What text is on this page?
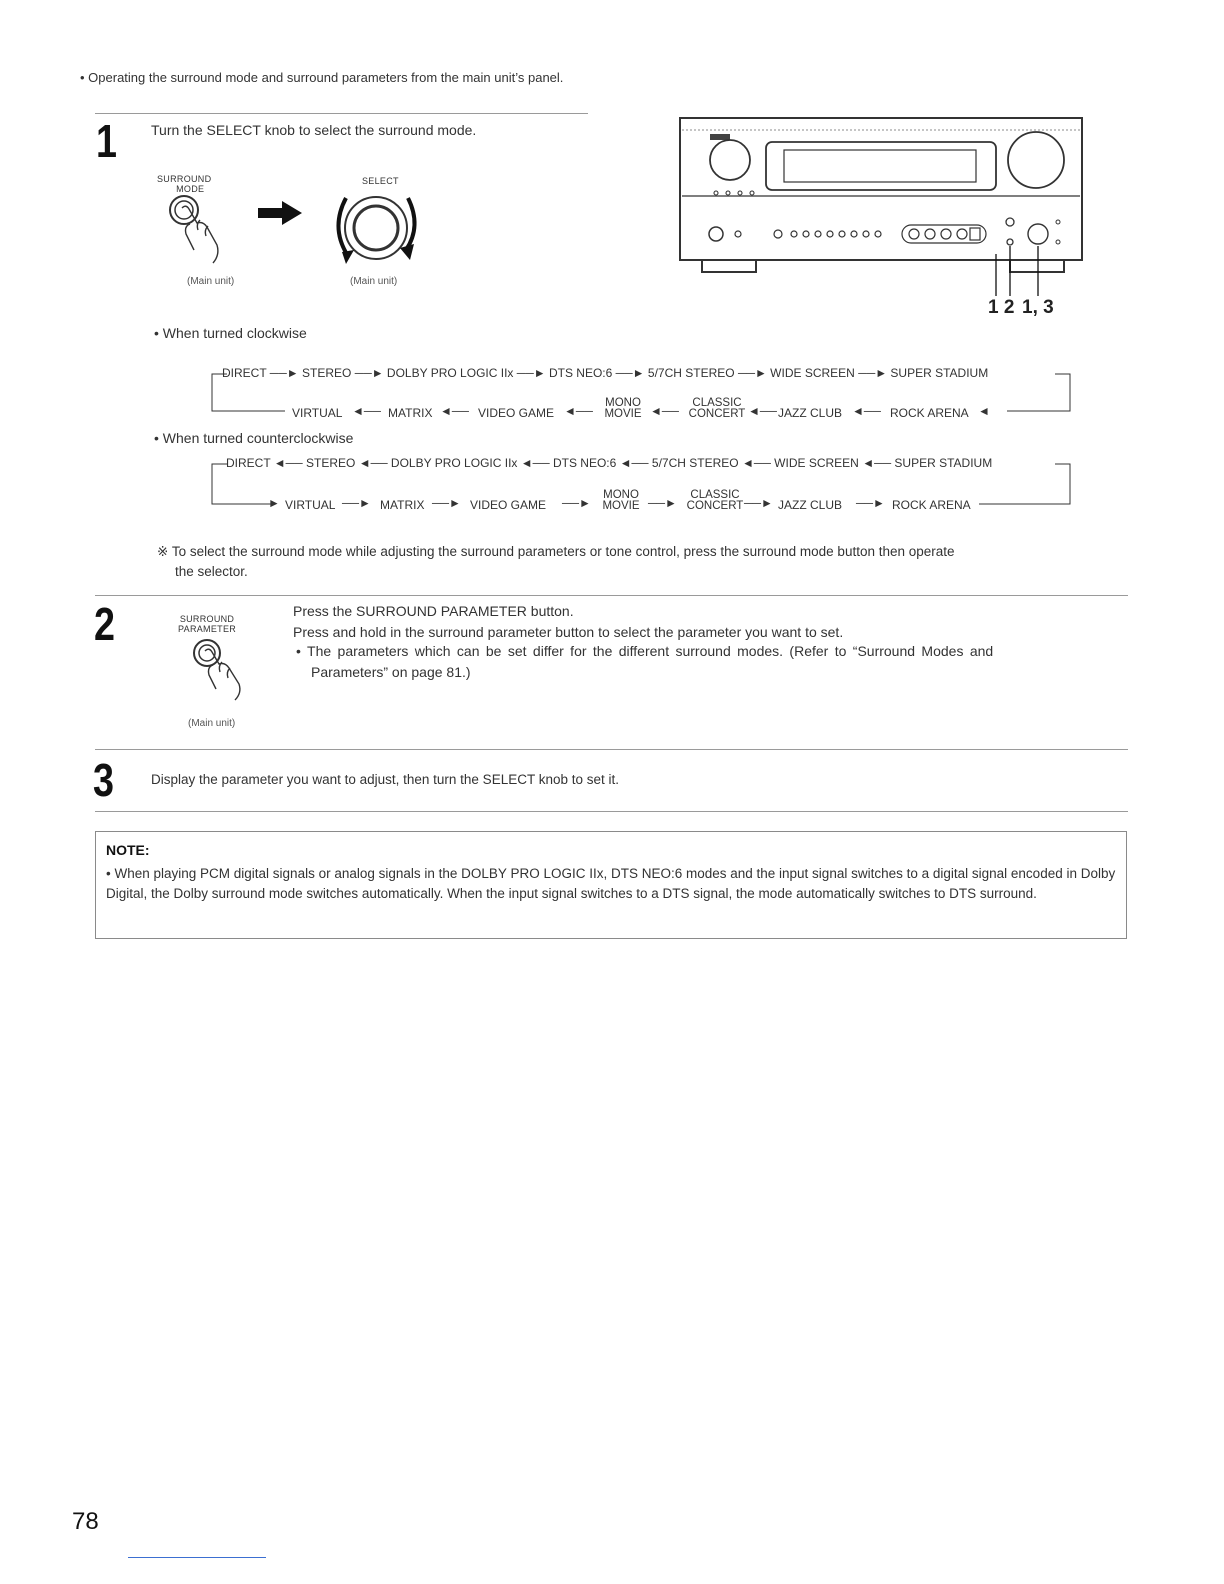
• Operating the surround mode and surround parameters from the main unit’s panel.
1 Turn the SELECT knob to select the surround mode.
SURROUND
MODE
SELECT
(Main unit)	(Main unit)
1 2 1, 3
• When turned clockwise
DIRECT ──► STEREO ──► DOLBY PRO LOGIC IIx ──► DTS NEO:6 ──► 5/7CH STEREO ──► WIDE SCREEN ──► SUPER STADIUM
VIRTUAL ◄── MATRIX ◄── VIDEO GAME ◄──
MONO
MOVIE ◄──
CLASSIC
CONCERT ◄── JAZZ CLUB ◄── ROCK ARENA ◄
• When turned counterclockwise
DIRECT ◄── STEREO ◄── DOLBY PRO LOGIC IIx ◄── DTS NEO:6 ◄── 5/7CH STEREO ◄── WIDE SCREEN ◄── SUPER STADIUM
► VIRTUAL ──► MATRIX ──► VIDEO GAME ──►
MONO
MOVIE ──►
CLASSIC
CONCERT ──► JAZZ CLUB ──► ROCK ARENA
※ To select the surround mode while adjusting the surround parameters or tone control, press the surround mode button then operate
the selector.
2	SURROUND
PARAMETER
(Main unit)
Press the SURROUND PARAMETER button.
Press and hold in the surround parameter button to select the parameter you want to set.
• The parameters which can be set differ for the different surround modes. (Refer to “Surround Modes and
Parameters” on page 81.)
3	Display the parameter you want to adjust, then turn the SELECT knob to set it.
NOTE:
• When playing PCM digital signals or analog signals in the DOLBY PRO LOGIC IIx, DTS NEO:6 modes and the input signal switches to a digital signal encoded in Dolby Digital, the Dolby surround mode switches automatically. When the input signal switches to a DTS signal, the mode automatically switches to DTS surround.
78
